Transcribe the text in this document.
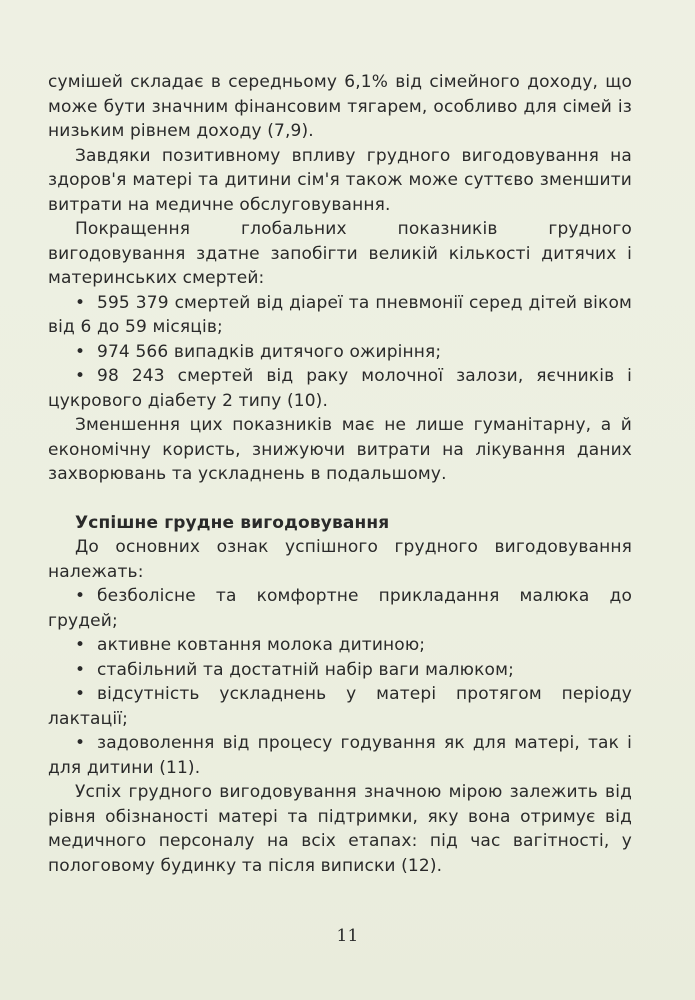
сумішей складає в середньому 6,1% від сімейного доходу, що може бути значним фінансовим тягарем, особливо для сімей із низьким рівнем доходу (7,9).

Завдяки позитивному впливу грудного вигодовування на здоров'я матері та дитини сім'я також може суттєво зменшити витрати на медичне обслуговування.

Покращення глобальних показників грудного вигодовування здатне запобігти великій кількості дитячих і материнських смертей:

• 595 379 смертей від діареї та пневмонії серед дітей віком від 6 до 59 місяців;
• 974 566 випадків дитячого ожиріння;
• 98 243 смертей від раку молочної залози, яєчників і цукрового діабету 2 типу (10).

Зменшення цих показників має не лише гуманітарну, а й економічну користь, знижуючи витрати на лікування даних захворювань та ускладнень в подальшому.

Успішне грудне вигодовування

До основних ознак успішного грудного вигодовування належать:

• безболісне та комфортне прикладання малюка до грудей;
• активне ковтання молока дитиною;
• стабільний та достатній набір ваги малюком;
• відсутність ускладнень у матері протягом періоду лактації;
• задоволення від процесу годування як для матері, так і для дитини (11).

Успіх грудного вигодовування значною мірою залежить від рівня обізнаності матері та підтримки, яку вона отримує від медичного персоналу на всіх етапах: під час вагітності, у пологовому будинку та після виписки (12).

11
